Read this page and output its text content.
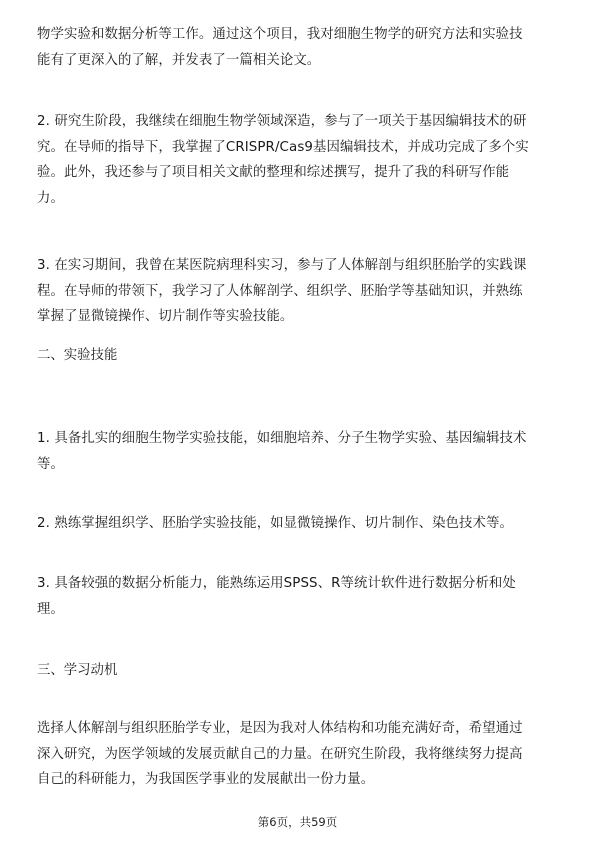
物学实验和数据分析等工作。通过这个项目，我对细胞生物学的研究方法和实验技
能有了更深入的了解，并发表了一篇相关论文。

2. 研究生阶段，我继续在细胞生物学领域深造，参与了一项关于基因编辑技术的研
究。在导师的指导下，我掌握了CRISPR/Cas9基因编辑技术，并成功完成了多个实
验。此外，我还参与了项目相关文献的整理和综述撰写，提升了我的科研写作能
力。

3. 在实习期间，我曾在某医院病理科实习，参与了人体解剖与组织胚胎学的实践课
程。在导师的带领下，我学习了人体解剖学、组织学、胚胎学等基础知识，并熟练
掌握了显微镜操作、切片制作等实验技能。

二、实验技能

1. 具备扎实的细胞生物学实验技能，如细胞培养、分子生物学实验、基因编辑技术
等。

2. 熟练掌握组织学、胚胎学实验技能，如显微镜操作、切片制作、染色技术等。

3. 具备较强的数据分析能力，能熟练运用SPSS、R等统计软件进行数据分析和处
理。

三、学习动机

选择人体解剖与组织胚胎学专业，是因为我对人体结构和功能充满好奇，希望通过
深入研究，为医学领域的发展贡献自己的力量。在研究生阶段，我将继续努力提高
自己的科研能力，为我国医学事业的发展献出一份力量。

第6页，共59页
